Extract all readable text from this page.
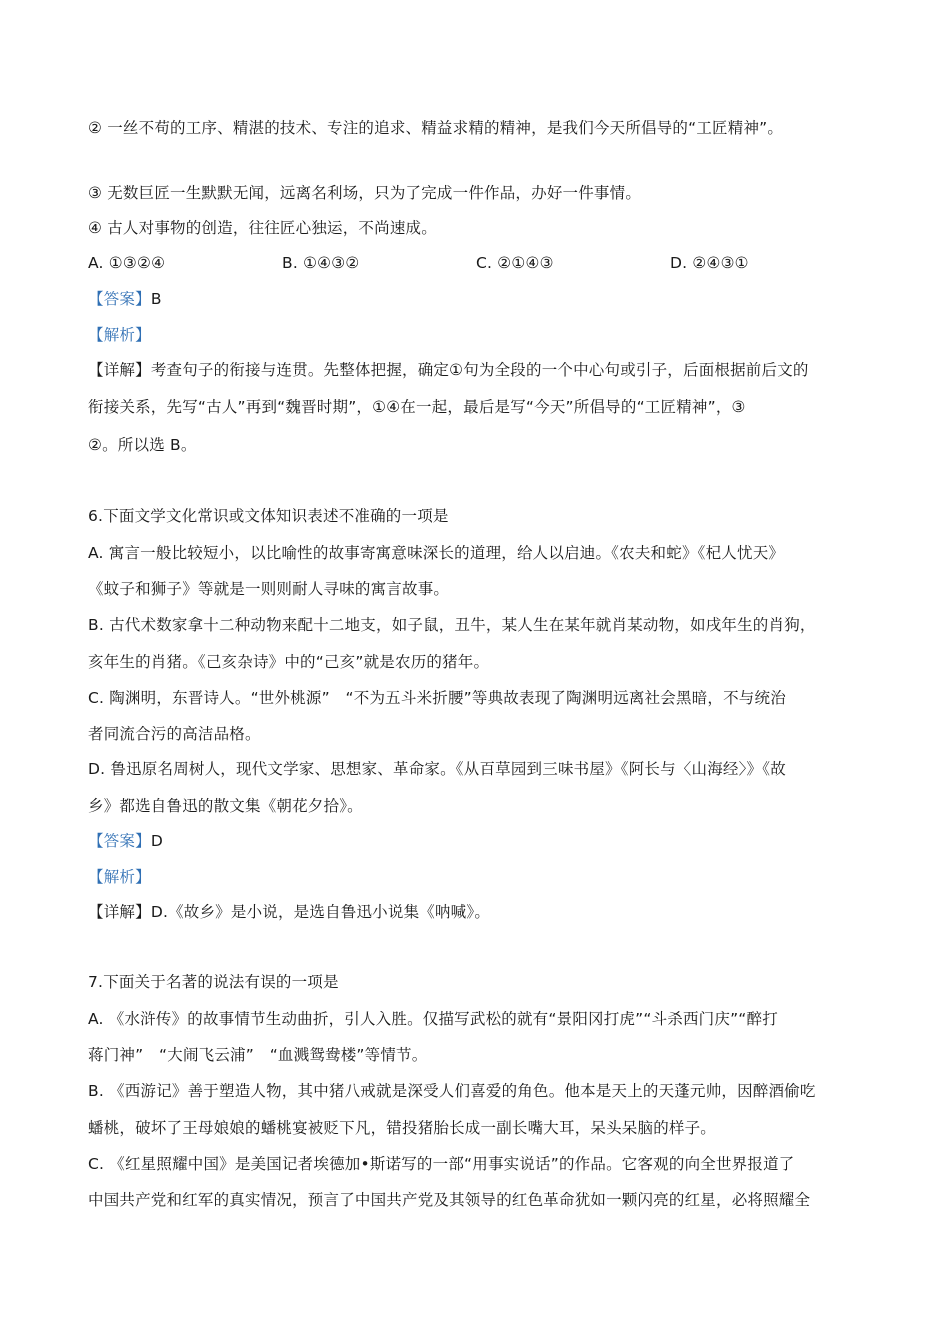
② 一丝不苟的工序、精湛的技术、专注的追求、精益求精的精神，是我们今天所倡导的“工匠精神”。
③ 无数巨匠一生默默无闻，远离名利场，只为了完成一件作品，办好一件事情。
④ 古人对事物的创造，往往匠心独运，不尚速成。
A. ①③②④	B. ①④③②	C. ②①④③	D. ②④③①
【答案】B
【解析】
【详解】考查句子的衔接与连贯。先整体把握，确定①句为全段的一个中心句或引子，后面根据前后文的
衔接关系，先写“古人”再到“魏晋时期”，①④在一起，最后是写“今天”所倡导的“工匠精神”，③
②。所以选 B。
6.下面文学文化常识或文体知识表述不准确的一项是
A. 寓言一般比较短小，以比喻性的故事寄寓意味深长的道理，给人以启迪。《农夫和蛇》《杞人忧天》
《蚊子和狮子》等就是一则则耐人寻味的寓言故事。
B. 古代术数家拿十二种动物来配十二地支，如子鼠，丑牛，某人生在某年就肖某动物，如戌年生的肖狗，
亥年生的肖猪。《己亥杂诗》中的“己亥”就是农历的猪年。
C. 陶渊明，东晋诗人。“世外桃源”　“不为五斗米折腰”等典故表现了陶渊明远离社会黑暗，不与统治
者同流合污的高洁品格。
D. 鲁迅原名周树人，现代文学家、思想家、革命家。《从百草园到三味书屋》《阿长与〈山海经〉》《故
乡》都选自鲁迅的散文集《朝花夕拾》。
【答案】D
【解析】
【详解】D.《故乡》是小说，是选自鲁迅小说集《呐喊》。
7.下面关于名著的说法有误的一项是
A. 《水浒传》的故事情节生动曲折，引人入胜。仅描写武松的就有“景阳冈打虎”“斗杀西门庆”“醉打
蒋门神”　“大闹飞云浦”　“血溅鸳鸯楼”等情节。
B. 《西游记》善于塑造人物，其中猪八戒就是深受人们喜爱的角色。他本是天上的天蓬元帅，因醉酒偷吃
蟠桃，破坏了王母娘娘的蟠桃宴被贬下凡，错投猪胎长成一副长嘴大耳，呆头呆脑的样子。
C. 《红星照耀中国》是美国记者埃德加•斯诺写的一部“用事实说话”的作品。它客观的向全世界报道了
中国共产党和红军的真实情况，预言了中国共产党及其领导的红色革命犹如一颗闪亮的红星，必将照耀全
